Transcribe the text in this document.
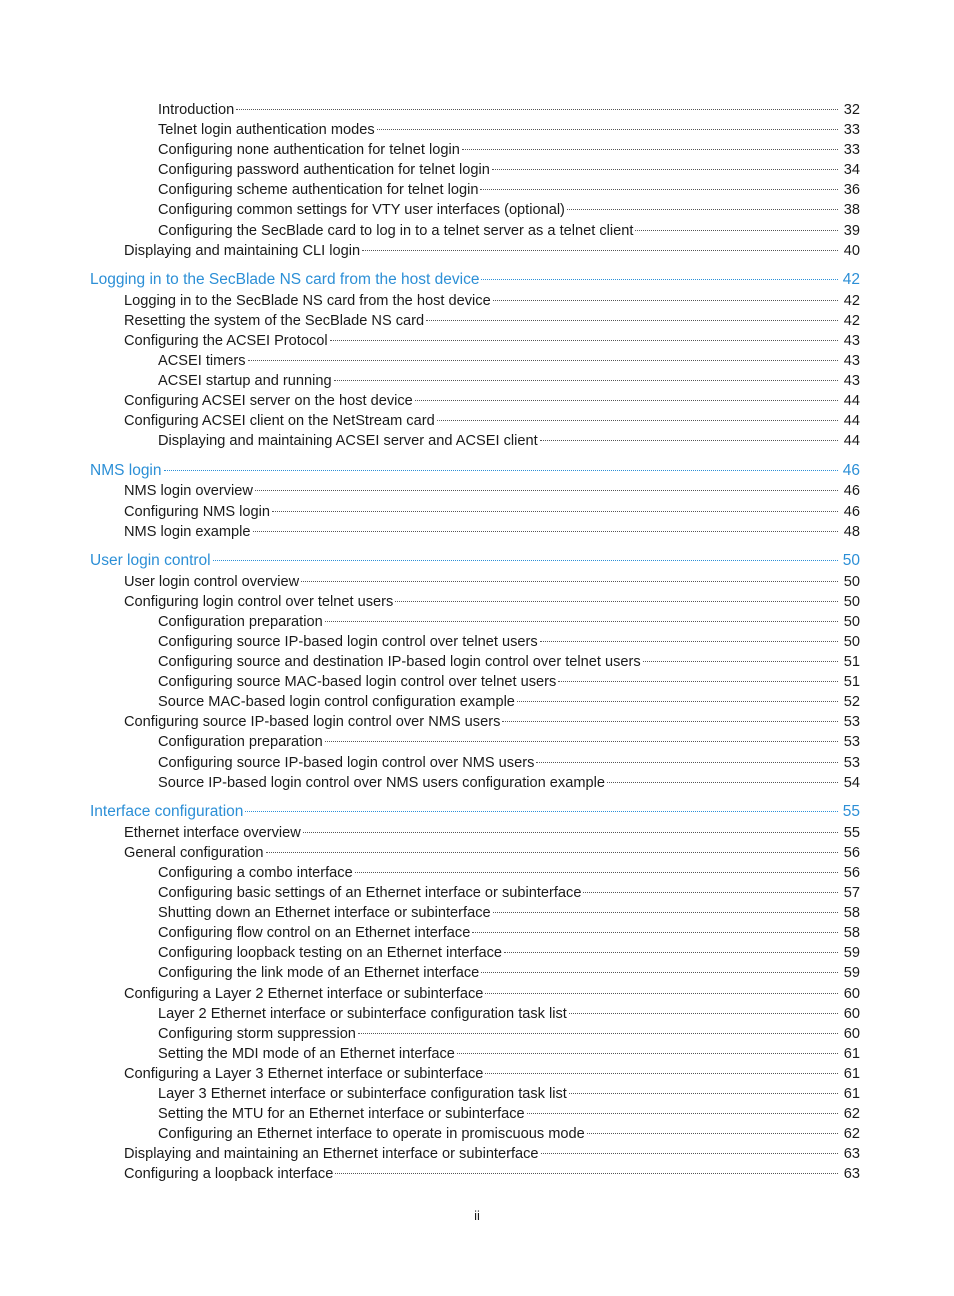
Introduction	32
Telnet login authentication modes	33
Configuring none authentication for telnet login	33
Configuring password authentication for telnet login	34
Configuring scheme authentication for telnet login	36
Configuring common settings for VTY user interfaces (optional)	38
Configuring the SecBlade card to log in to a telnet server as a telnet client	39
Displaying and maintaining CLI login	40
Logging in to the SecBlade NS card from the host device	42
Logging in to the SecBlade NS card from the host device	42
Resetting the system of the SecBlade NS card	42
Configuring the ACSEI Protocol	43
ACSEI timers	43
ACSEI startup and running	43
Configuring ACSEI server on the host device	44
Configuring ACSEI client on the NetStream card	44
Displaying and maintaining ACSEI server and ACSEI client	44
NMS login	46
NMS login overview	46
Configuring NMS login	46
NMS login example	48
User login control	50
User login control overview	50
Configuring login control over telnet users	50
Configuration preparation	50
Configuring source IP-based login control over telnet users	50
Configuring source and destination IP-based login control over telnet users	51
Configuring source MAC-based login control over telnet users	51
Source MAC-based login control configuration example	52
Configuring source IP-based login control over NMS users	53
Configuration preparation	53
Configuring source IP-based login control over NMS users	53
Source IP-based login control over NMS users configuration example	54
Interface configuration	55
Ethernet interface overview	55
General configuration	56
Configuring a combo interface	56
Configuring basic settings of an Ethernet interface or subinterface	57
Shutting down an Ethernet interface or subinterface	58
Configuring flow control on an Ethernet interface	58
Configuring loopback testing on an Ethernet interface	59
Configuring the link mode of an Ethernet interface	59
Configuring a Layer 2 Ethernet interface or subinterface	60
Layer 2 Ethernet interface or subinterface configuration task list	60
Configuring storm suppression	60
Setting the MDI mode of an Ethernet interface	61
Configuring a Layer 3 Ethernet interface or subinterface	61
Layer 3 Ethernet interface or subinterface configuration task list	61
Setting the MTU for an Ethernet interface or subinterface	62
Configuring an Ethernet interface to operate in promiscuous mode	62
Displaying and maintaining an Ethernet interface or subinterface	63
Configuring a loopback interface	63
ii
